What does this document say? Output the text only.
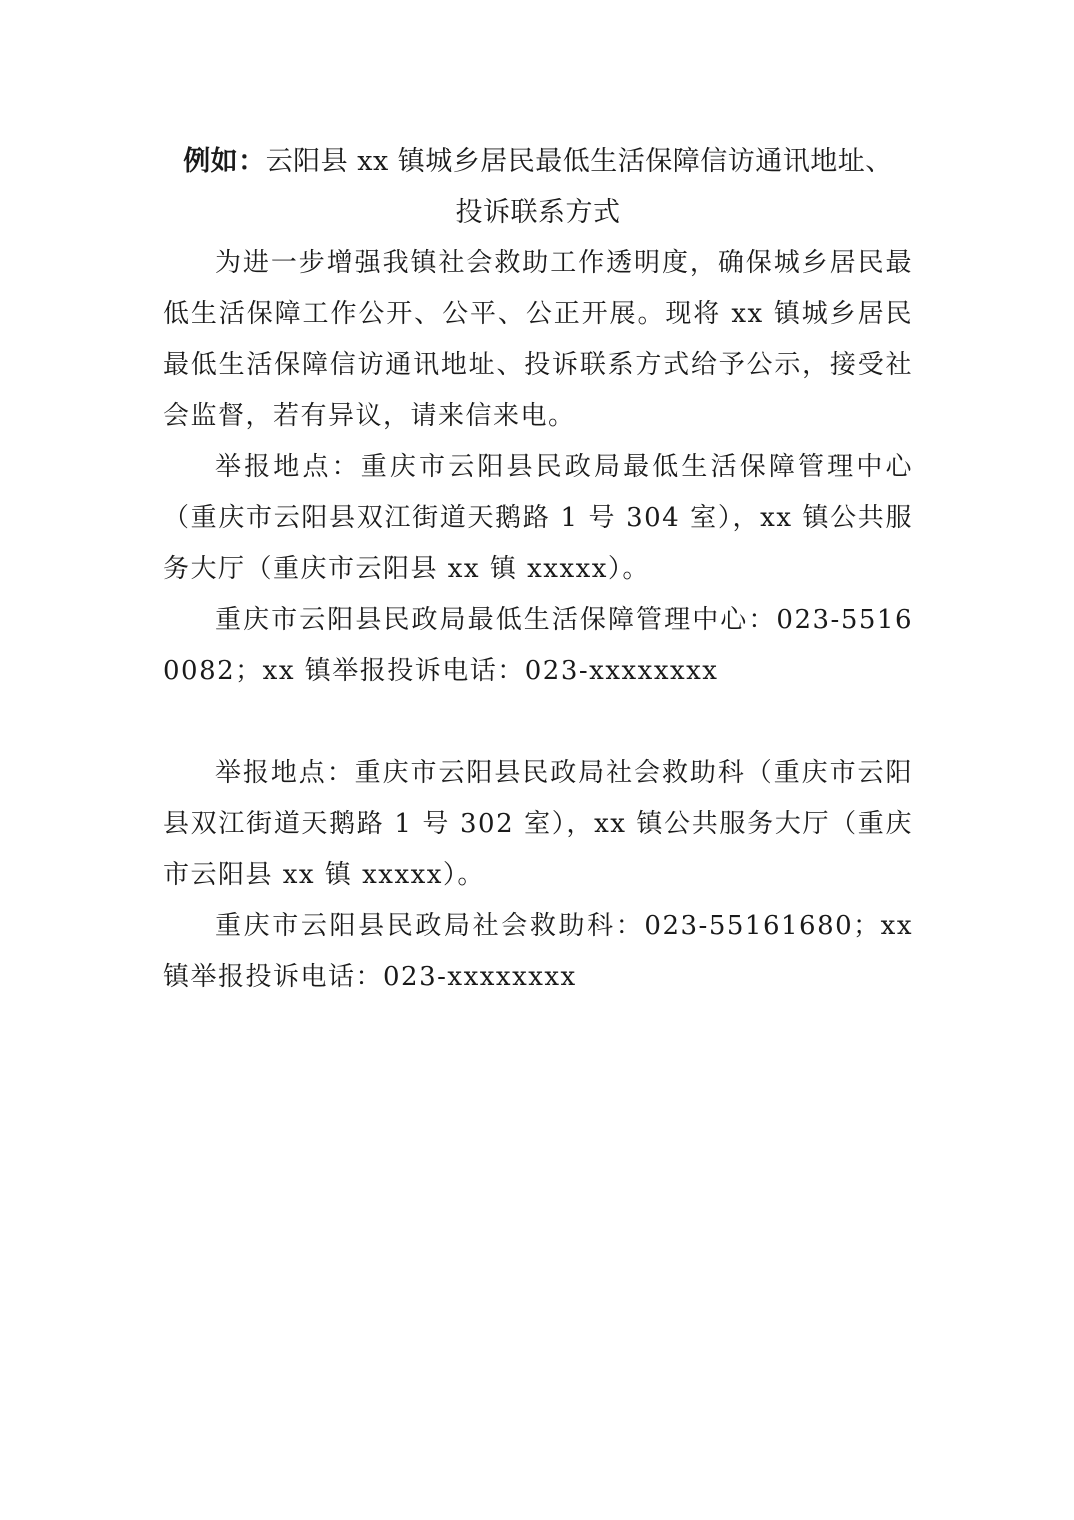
例如：云阳县 xx 镇城乡居民最低生活保障信访通讯地址、
投诉联系方式

为进一步增强我镇社会救助工作透明度，确保城乡居民最低生活保障工作公开、公平、公正开展。现将 xx 镇城乡居民最低生活保障信访通讯地址、投诉联系方式给予公示，接受社会监督，若有异议，请来信来电。

举报地点：重庆市云阳县民政局最低生活保障管理中心（重庆市云阳县双江街道天鹅路 1 号 304 室），xx 镇公共服务大厅（重庆市云阳县 xx 镇 xxxxx）。

重庆市云阳县民政局最低生活保障管理中心：023-55160082；xx 镇举报投诉电话：023-xxxxxxxx

举报地点：重庆市云阳县民政局社会救助科（重庆市云阳县双江街道天鹅路 1 号 302 室），xx 镇公共服务大厅（重庆市云阳县 xx 镇 xxxxx）。

重庆市云阳县民政局社会救助科：023-55161680；xx 镇举报投诉电话：023-xxxxxxxx
